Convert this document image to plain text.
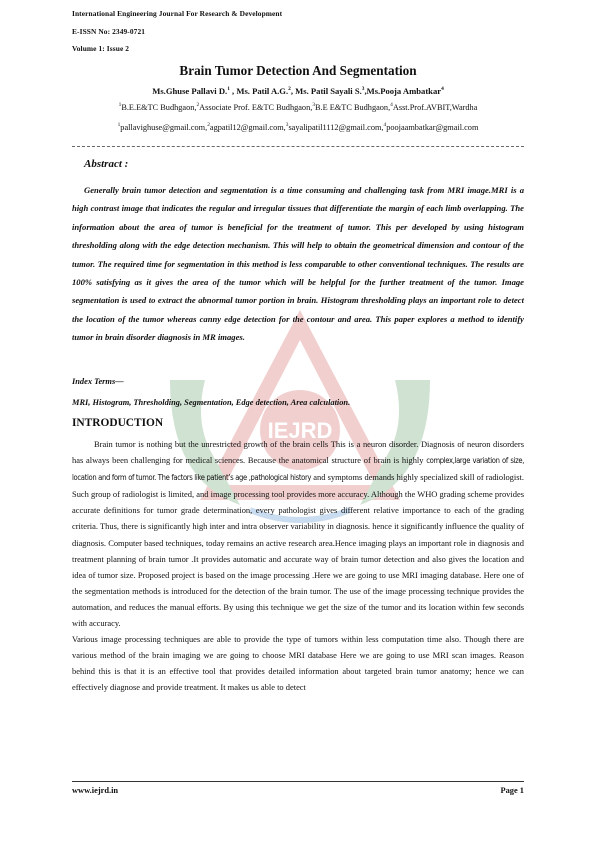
IEJRD
International Engineering Journal For Research & Development
E-ISSN No: 2349-0721
Volume 1: Issue 2
Brain Tumor Detection And Segmentation
Ms.Ghuse Pallavi D.$^1$ , Ms. Patil A.G.$^2$, Ms. Patil Sayali S.$^3$,Ms.Pooja Ambatkar$^4$
$^1$B.E.E&TC Budhgaon,$^2$Associate Prof. E&TC Budhgaon,$^3$B.E E&TC Budhgaon,$^4$Asst.Prof.AVBIT,Wardha
$^1$pallavighuse@gmail.com,$^2$agpatil12@gmail.com,$^3$sayalipatil1112@gmail.com,$^4$poojaambatkar@gmail.com
Abstract :

Generally brain tumor detection and segmentation is a time consuming and challenging task from MRI image.MRI is a high contrast image that indicates the regular and irregular tissues that differentiate the margin of each limb overlapping. The information about the area of tumor is beneficial for the treatment of tumor. This per developed by using histogram thresholding along with the edge detection mechanism. This will help to obtain the geometrical dimension and contour of the tumor. The required time for segmentation in this method is less comparable to other conventional techniques. The results are 100% satisfying as it gives the area of the tumor which will be helpful for the further treatment of the tumor. Image segmentation is used to extract the abnormal tumor portion in brain. Histogram thresholding plays an important role to detect the location of the tumor whereas canny edge detection for the contour and area. This paper explores a method to identify tumor in brain disorder diagnosis in MR images.

Index Terms—
MRI, Histogram, Thresholding, Segmentation, Edge detection, Area calculation.
INTRODUCTION

Brain tumor is nothing but the unrestricted growth of the brain cells This is a neuron disorder. Diagnosis of neuron disorders has always been challenging for medical sciences. Because the anatomical structure of brain is highly complex,large variation of size, location and form of tumor. The factors like patient’s age ,pathological history and symptoms demands highly specialized skill of radiologist. Such group of radiologist is limited, and image processing tool provides more accuracy. Although the WHO grading scheme provides accurate definitions for tumor grade determination, every pathologist gives different relative importance to each of the grading criteria. Thus, there is significantly high inter and intra observer variability in diagnosis. hence it significantly influence the quality of diagnosis. Computer based techniques, today remains an active research area.Hence imaging plays an important role in diagnosis and treatment planning of brain tumor .It provides automatic and accurate way of brain tumor detection and also gives the location and idea of tumor size. Proposed project is based on the image processing .Here we are going to use MRI imaging database. Here one of the segmentation methods is introduced for the detection of the brain tumor. The use of the image processing technique provides the automation, and reduces the manual efforts. By using this technique we get the size of the tumor and its location within few seconds with accuracy.

Various image processing techniques are able to provide the type of tumors within less computation time also. Though there are various method of the brain imaging we are going to choose MRI database Here we are going to use MRI scan images. Reason behind this is that it is an effective tool that provides detailed information about targeted brain tumor anatomy; hence we can effectively diagnose and provide treatment. It makes us able to detect

www.iejrd.in	Page 1
